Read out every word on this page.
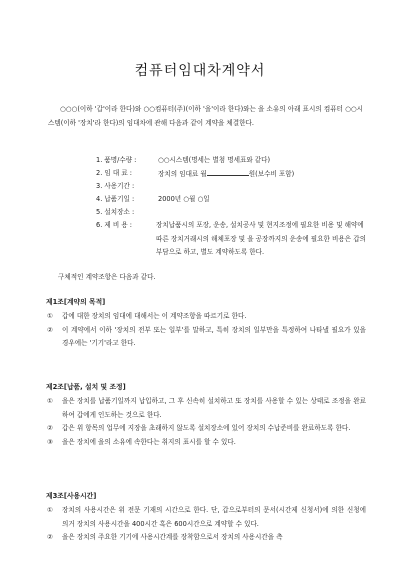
컴퓨터임대차계약서
○○○(이하 '갑'이라 한다)와 ○○컴퓨터(주)(이하 '을'이라 한다)와는 을 소유의 아래 표시의 컴퓨터 ○○시스템(이하 '장치'라 한다)의 임대차에 관해 다음과 같이 계약을 체결한다.
1. 품명/수량 :	○○시스템(명세는 별첨 명세표와 같다)
2. 임 대 료 :	장치의 임대료 월	원(보수비 포함)
3. 사용기간 :
4. 납품기일 :	2000년 ○월 ○일
5. 설치장소 :
6. 제 비 용 :	장치납품시의 포장, 운송, 설치공사 및 현지조정에 필요한 비용 및 해약에 따른 장치거래시의 해체포장 및 을 공장까지의 운송에 필요한 비용은 갑의 부담으로 하고, 별도 계약하도록 한다.
구체적인 계약조항은 다음과 같다.
제1조[계약의 목적]
①	갑에 대한 장치의 임대에 대해서는 이 계약조항을 따르기로 한다.
②	이 계약에서 이하 '장치의 전부 또는 일부'를 말하고, 특히 장치의 일부만을 특정하여 나타낼 필요가 있을 경우에는 '기기'라고 한다.
제2조[납품, 설치 및 조정]
①	을은 장치를 납품기일까지 납입하고, 그 후 신속히 설치하고 또 장치를 사용할 수 있는 상태로 조정을 완료하여 갑에게 인도하는 것으로 한다.
②	갑은 위 항목의 업무에 지장을 초래하지 않도록 설치장소에 있어 장치의 수납준비를 완료하도록 한다.
③	을은 장치에 을의 소유에 속한다는 취지의 표시를 할 수 있다.
제3조[사용시간]
①	장치의 사용시간은 위 전문 기재의 시간으로 한다. 단, 갑으로부터의 문서(시간제 신청서)에 의한 신청에 의거 장치의 사용시간을 400시간 혹은 600시간으로 계약할 수 있다.
②	을은 장치의 주요한 기기에 사용시간계를 장착함으로서 장치의 사용시간을 측
